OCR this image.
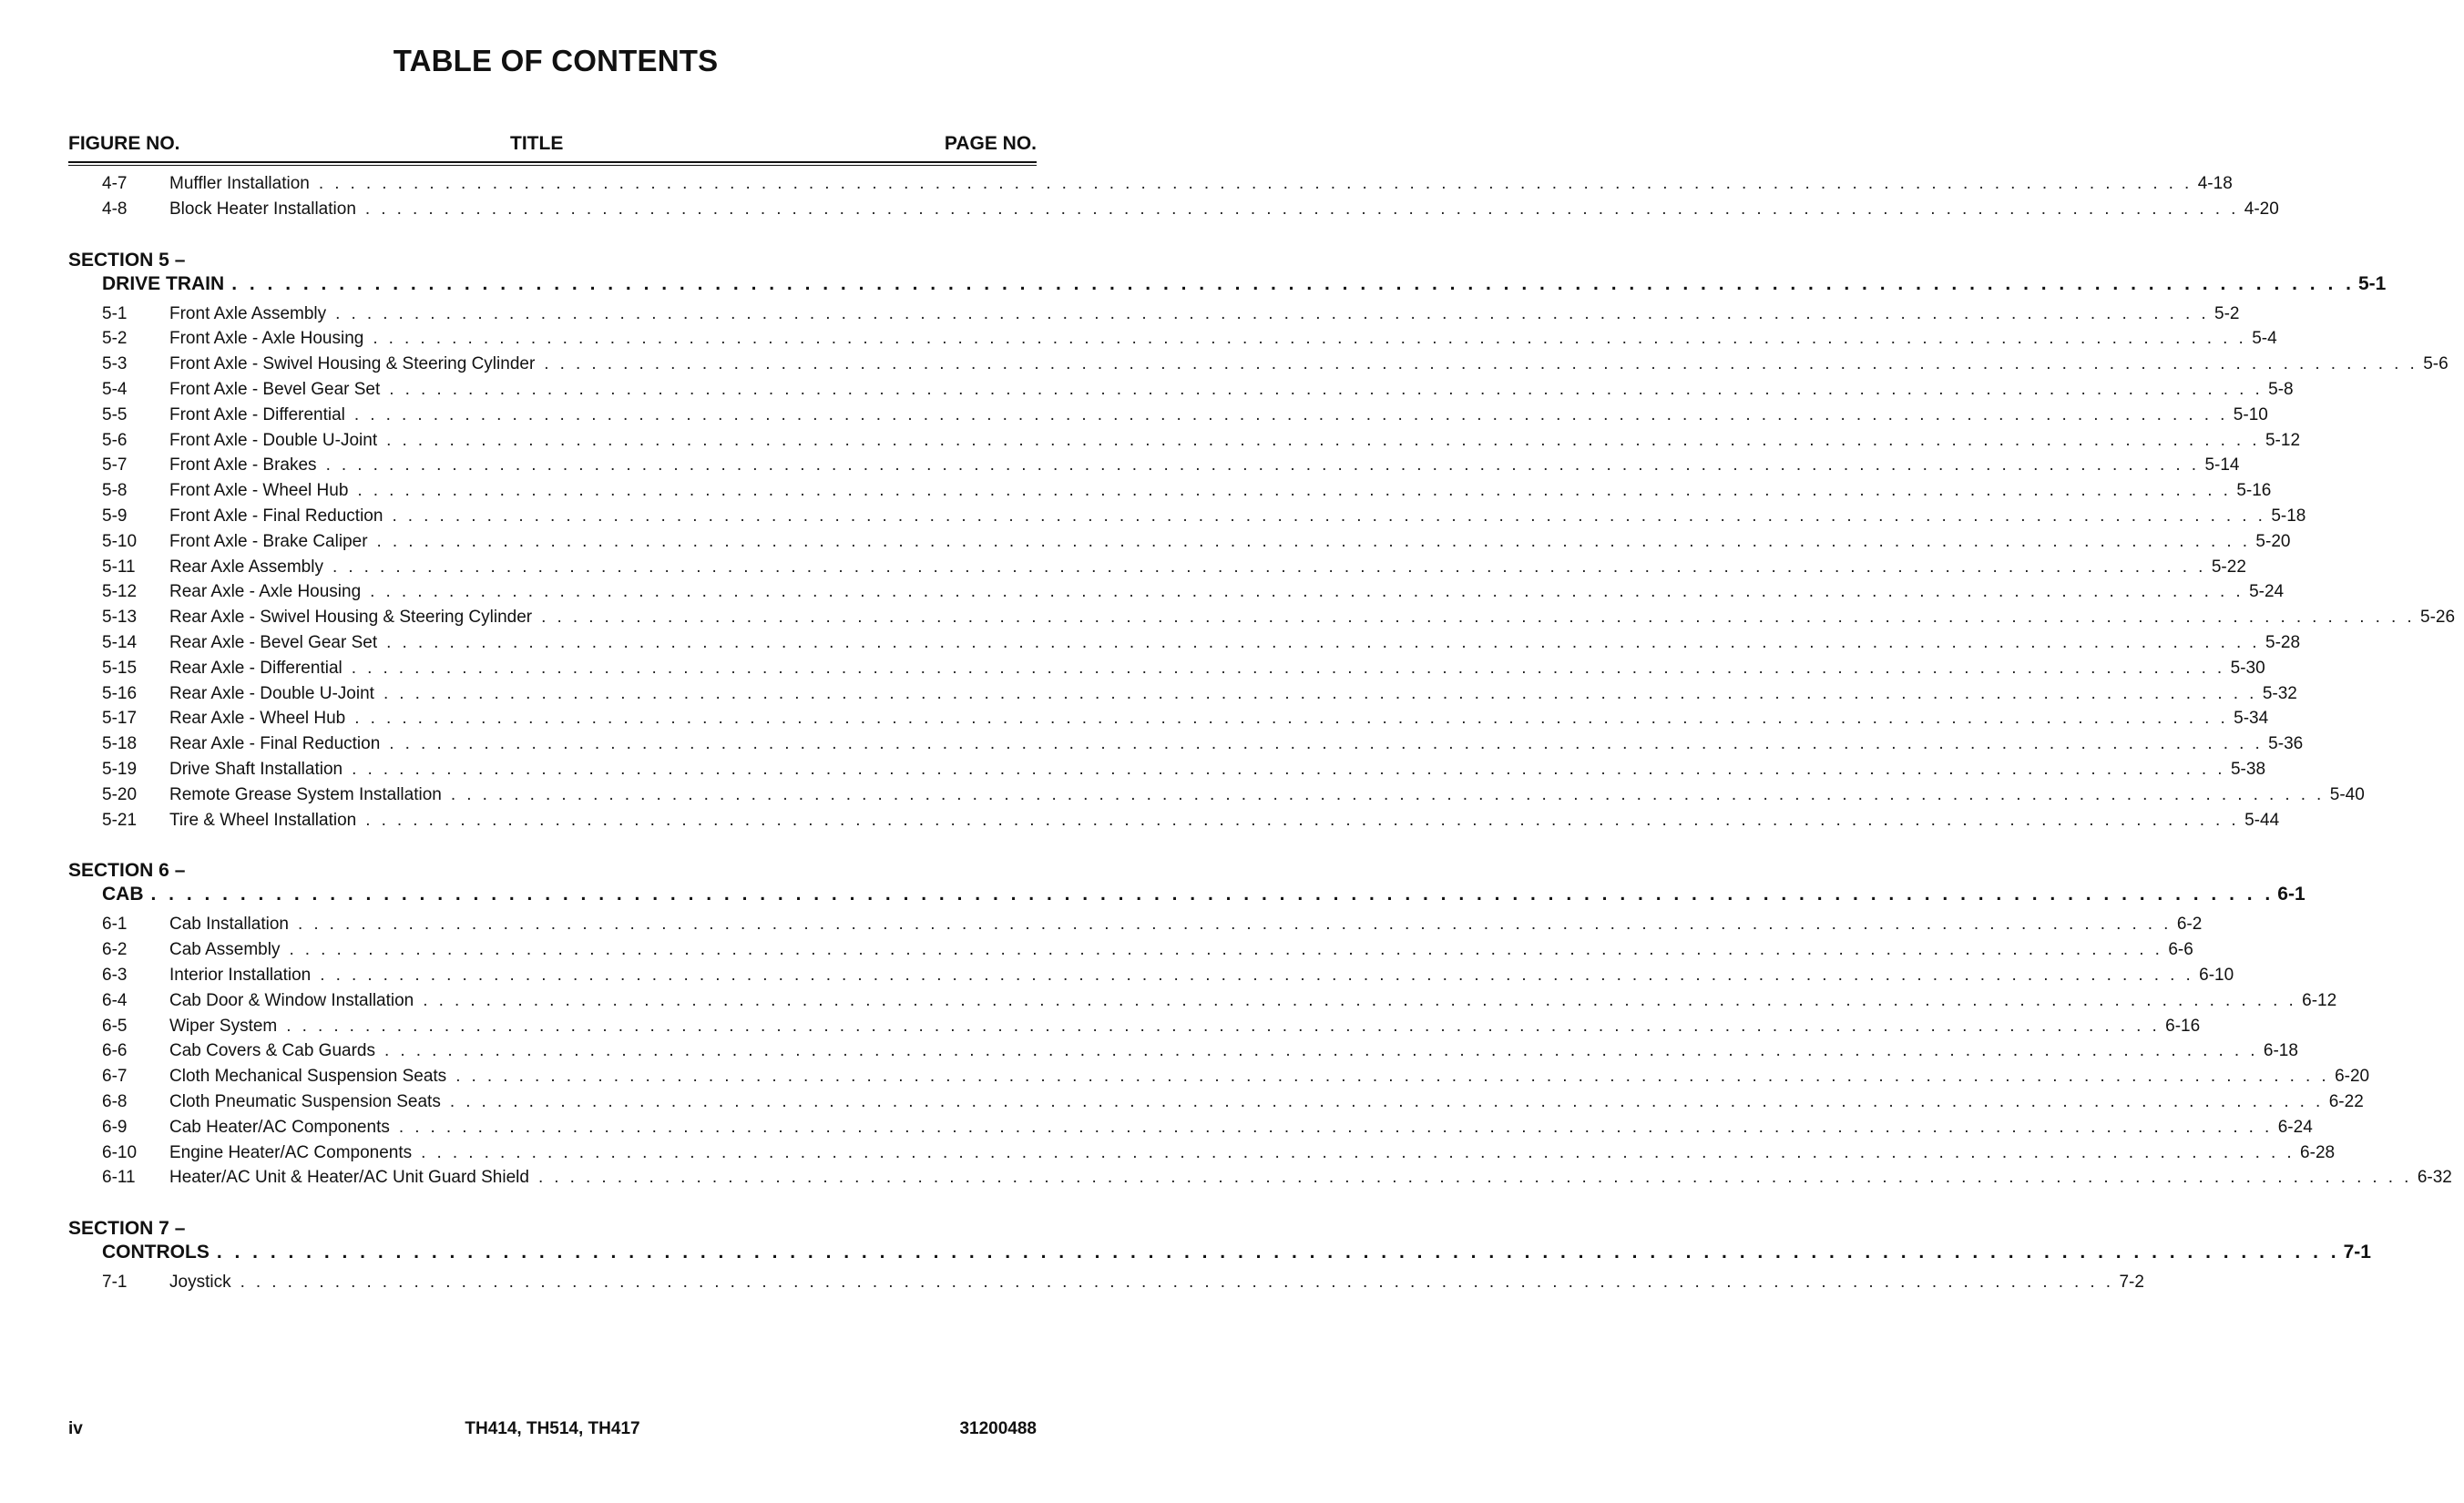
TABLE OF CONTENTS
FIGURE NO.	TITLE	PAGE NO.
4-7	Muffler Installation . . . . . . . . . . . . . . . . . . . . . . . . . . . . . . . . . . . . . . . . . . . . . . . . . . . . . . . . . . . . . . . . . . . . . . . . . . . . . . . . . . . . . . . . . . . . . . . . . . . . . . . . . . . . . . . . . . . . . . . 4-18
4-8	Block Heater Installation . . . . . . . . . . . . . . . . . . . . . . . . . . . . . . . . . . . . . . . . . . . . . . . . . . . . . . . . . . . . . . . . . . . . . . . . . . . . . . . . . . . . . . . . . . . . . . . . . . . . . . . . . . . . . . . . . . . . . . . 4-20
SECTION 5 –
DRIVE TRAIN . . . . . . . . . . . . . . . . . . . . . . . . . . . . . . . . . . . . . . . . . . . . . . . . . . . . . . . . . . . . . . . . . . . . . . . . . . . . . . . . . . . . . . . . . . . . . . . . . . . . . . . . . . . . . . . . . . . . . . . 5-1
5-1	Front Axle Assembly . . . . . . . . . . . . . . . . . . . . . . . . . . . . . . . . . . . . . . . . . . . . . . . . . . . . . . . . . . . . . . . . . . . . . . . . . . . . . . . . . . . . . . . . . . . . . . . . . . . . . . . . . . . . . . . . . . . . . . . 5-2
5-2	Front Axle - Axle Housing . . . . . . . . . . . . . . . . . . . . . . . . . . . . . . . . . . . . . . . . . . . . . . . . . . . . . . . . . . . . . . . . . . . . . . . . . . . . . . . . . . . . . . . . . . . . . . . . . . . . . . . . . . . . . . . . . . . . . . . 5-4
5-3	Front Axle - Swivel Housing & Steering Cylinder . . . . . . . . . . . . . . . . . . . . . . . . . . . . . . . . . . . . . . . . . . . . . . . . . . . . . . . . . . . . . . . . . . . . . . . . . . . . . . . . . . . . . . . . . . . . . . . . . . . . . . . . . . . . . . . . . . . . . . . 5-6
5-4	Front Axle - Bevel Gear Set . . . . . . . . . . . . . . . . . . . . . . . . . . . . . . . . . . . . . . . . . . . . . . . . . . . . . . . . . . . . . . . . . . . . . . . . . . . . . . . . . . . . . . . . . . . . . . . . . . . . . . . . . . . . . . . . . . . . . . . 5-8
5-5	Front Axle - Differential . . . . . . . . . . . . . . . . . . . . . . . . . . . . . . . . . . . . . . . . . . . . . . . . . . . . . . . . . . . . . . . . . . . . . . . . . . . . . . . . . . . . . . . . . . . . . . . . . . . . . . . . . . . . . . . . . . . . . . . 5-10
5-6	Front Axle - Double U-Joint . . . . . . . . . . . . . . . . . . . . . . . . . . . . . . . . . . . . . . . . . . . . . . . . . . . . . . . . . . . . . . . . . . . . . . . . . . . . . . . . . . . . . . . . . . . . . . . . . . . . . . . . . . . . . . . . . . . . . . . 5-12
5-7	Front Axle - Brakes . . . . . . . . . . . . . . . . . . . . . . . . . . . . . . . . . . . . . . . . . . . . . . . . . . . . . . . . . . . . . . . . . . . . . . . . . . . . . . . . . . . . . . . . . . . . . . . . . . . . . . . . . . . . . . . . . . . . . . . 5-14
5-8	Front Axle - Wheel Hub . . . . . . . . . . . . . . . . . . . . . . . . . . . . . . . . . . . . . . . . . . . . . . . . . . . . . . . . . . . . . . . . . . . . . . . . . . . . . . . . . . . . . . . . . . . . . . . . . . . . . . . . . . . . . . . . . . . . . . . 5-16
5-9	Front Axle - Final Reduction . . . . . . . . . . . . . . . . . . . . . . . . . . . . . . . . . . . . . . . . . . . . . . . . . . . . . . . . . . . . . . . . . . . . . . . . . . . . . . . . . . . . . . . . . . . . . . . . . . . . . . . . . . . . . . . . . . . . . . . 5-18
5-10	Front Axle - Brake Caliper . . . . . . . . . . . . . . . . . . . . . . . . . . . . . . . . . . . . . . . . . . . . . . . . . . . . . . . . . . . . . . . . . . . . . . . . . . . . . . . . . . . . . . . . . . . . . . . . . . . . . . . . . . . . . . . . . . . . . . . 5-20
5-11	Rear Axle Assembly . . . . . . . . . . . . . . . . . . . . . . . . . . . . . . . . . . . . . . . . . . . . . . . . . . . . . . . . . . . . . . . . . . . . . . . . . . . . . . . . . . . . . . . . . . . . . . . . . . . . . . . . . . . . . . . . . . . . . . . 5-22
5-12	Rear Axle - Axle Housing . . . . . . . . . . . . . . . . . . . . . . . . . . . . . . . . . . . . . . . . . . . . . . . . . . . . . . . . . . . . . . . . . . . . . . . . . . . . . . . . . . . . . . . . . . . . . . . . . . . . . . . . . . . . . . . . . . . . . . . 5-24
5-13	Rear Axle - Swivel Housing & Steering Cylinder . . . . . . . . . . . . . . . . . . . . . . . . . . . . . . . . . . . . . . . . . . . . . . . . . . . . . . . . . . . . . . . . . . . . . . . . . . . . . . . . . . . . . . . . . . . . . . . . . . . . . . . . . . . . . . . . . . . . . . . 5-26
5-14	Rear Axle - Bevel Gear Set . . . . . . . . . . . . . . . . . . . . . . . . . . . . . . . . . . . . . . . . . . . . . . . . . . . . . . . . . . . . . . . . . . . . . . . . . . . . . . . . . . . . . . . . . . . . . . . . . . . . . . . . . . . . . . . . . . . . . . . 5-28
5-15	Rear Axle - Differential . . . . . . . . . . . . . . . . . . . . . . . . . . . . . . . . . . . . . . . . . . . . . . . . . . . . . . . . . . . . . . . . . . . . . . . . . . . . . . . . . . . . . . . . . . . . . . . . . . . . . . . . . . . . . . . . . . . . . . . 5-30
5-16	Rear Axle - Double U-Joint . . . . . . . . . . . . . . . . . . . . . . . . . . . . . . . . . . . . . . . . . . . . . . . . . . . . . . . . . . . . . . . . . . . . . . . . . . . . . . . . . . . . . . . . . . . . . . . . . . . . . . . . . . . . . . . . . . . . . . . 5-32
5-17	Rear Axle - Wheel Hub . . . . . . . . . . . . . . . . . . . . . . . . . . . . . . . . . . . . . . . . . . . . . . . . . . . . . . . . . . . . . . . . . . . . . . . . . . . . . . . . . . . . . . . . . . . . . . . . . . . . . . . . . . . . . . . . . . . . . . . 5-34
5-18	Rear Axle - Final Reduction . . . . . . . . . . . . . . . . . . . . . . . . . . . . . . . . . . . . . . . . . . . . . . . . . . . . . . . . . . . . . . . . . . . . . . . . . . . . . . . . . . . . . . . . . . . . . . . . . . . . . . . . . . . . . . . . . . . . . . . 5-36
5-19	Drive Shaft Installation . . . . . . . . . . . . . . . . . . . . . . . . . . . . . . . . . . . . . . . . . . . . . . . . . . . . . . . . . . . . . . . . . . . . . . . . . . . . . . . . . . . . . . . . . . . . . . . . . . . . . . . . . . . . . . . . . . . . . . . 5-38
5-20	Remote Grease System Installation . . . . . . . . . . . . . . . . . . . . . . . . . . . . . . . . . . . . . . . . . . . . . . . . . . . . . . . . . . . . . . . . . . . . . . . . . . . . . . . . . . . . . . . . . . . . . . . . . . . . . . . . . . . . . . . . . . . . . . . 5-40
5-21	Tire & Wheel Installation . . . . . . . . . . . . . . . . . . . . . . . . . . . . . . . . . . . . . . . . . . . . . . . . . . . . . . . . . . . . . . . . . . . . . . . . . . . . . . . . . . . . . . . . . . . . . . . . . . . . . . . . . . . . . . . . . . . . . . . 5-44
SECTION 6 –
CAB . . . . . . . . . . . . . . . . . . . . . . . . . . . . . . . . . . . . . . . . . . . . . . . . . . . . . . . . . . . . . . . . . . . . . . . . . . . . . . . . . . . . . . . . . . . . . . . . . . . . . . . . . . . . . . . . . . . . . . . 6-1
6-1	Cab Installation . . . . . . . . . . . . . . . . . . . . . . . . . . . . . . . . . . . . . . . . . . . . . . . . . . . . . . . . . . . . . . . . . . . . . . . . . . . . . . . . . . . . . . . . . . . . . . . . . . . . . . . . . . . . . . . . . . . . . . . 6-2
6-2	Cab Assembly . . . . . . . . . . . . . . . . . . . . . . . . . . . . . . . . . . . . . . . . . . . . . . . . . . . . . . . . . . . . . . . . . . . . . . . . . . . . . . . . . . . . . . . . . . . . . . . . . . . . . . . . . . . . . . . . . . . . . . . 6-6
6-3	Interior Installation . . . . . . . . . . . . . . . . . . . . . . . . . . . . . . . . . . . . . . . . . . . . . . . . . . . . . . . . . . . . . . . . . . . . . . . . . . . . . . . . . . . . . . . . . . . . . . . . . . . . . . . . . . . . . . . . . . . . . . . 6-10
6-4	Cab Door & Window Installation . . . . . . . . . . . . . . . . . . . . . . . . . . . . . . . . . . . . . . . . . . . . . . . . . . . . . . . . . . . . . . . . . . . . . . . . . . . . . . . . . . . . . . . . . . . . . . . . . . . . . . . . . . . . . . . . . . . . . . . 6-12
6-5	Wiper System . . . . . . . . . . . . . . . . . . . . . . . . . . . . . . . . . . . . . . . . . . . . . . . . . . . . . . . . . . . . . . . . . . . . . . . . . . . . . . . . . . . . . . . . . . . . . . . . . . . . . . . . . . . . . . . . . . . . . . . 6-16
6-6	Cab Covers & Cab Guards . . . . . . . . . . . . . . . . . . . . . . . . . . . . . . . . . . . . . . . . . . . . . . . . . . . . . . . . . . . . . . . . . . . . . . . . . . . . . . . . . . . . . . . . . . . . . . . . . . . . . . . . . . . . . . . . . . . . . . . 6-18
6-7	Cloth Mechanical Suspension Seats . . . . . . . . . . . . . . . . . . . . . . . . . . . . . . . . . . . . . . . . . . . . . . . . . . . . . . . . . . . . . . . . . . . . . . . . . . . . . . . . . . . . . . . . . . . . . . . . . . . . . . . . . . . . . . . . . . . . . . . 6-20
6-8	Cloth Pneumatic Suspension Seats . . . . . . . . . . . . . . . . . . . . . . . . . . . . . . . . . . . . . . . . . . . . . . . . . . . . . . . . . . . . . . . . . . . . . . . . . . . . . . . . . . . . . . . . . . . . . . . . . . . . . . . . . . . . . . . . . . . . . . . 6-22
6-9	Cab Heater/AC Components . . . . . . . . . . . . . . . . . . . . . . . . . . . . . . . . . . . . . . . . . . . . . . . . . . . . . . . . . . . . . . . . . . . . . . . . . . . . . . . . . . . . . . . . . . . . . . . . . . . . . . . . . . . . . . . . . . . . . . . 6-24
6-10	Engine Heater/AC Components . . . . . . . . . . . . . . . . . . . . . . . . . . . . . . . . . . . . . . . . . . . . . . . . . . . . . . . . . . . . . . . . . . . . . . . . . . . . . . . . . . . . . . . . . . . . . . . . . . . . . . . . . . . . . . . . . . . . . . . 6-28
6-11	Heater/AC Unit & Heater/AC Unit Guard Shield . . . . . . . . . . . . . . . . . . . . . . . . . . . . . . . . . . . . . . . . . . . . . . . . . . . . . . . . . . . . . . . . . . . . . . . . . . . . . . . . . . . . . . . . . . . . . . . . . . . . . . . . . . . . . . . . . . . . . . . 6-32
SECTION 7 –
CONTROLS . . . . . . . . . . . . . . . . . . . . . . . . . . . . . . . . . . . . . . . . . . . . . . . . . . . . . . . . . . . . . . . . . . . . . . . . . . . . . . . . . . . . . . . . . . . . . . . . . . . . . . . . . . . . . . . . . . . . . . . 7-1
7-1	Joystick . . . . . . . . . . . . . . . . . . . . . . . . . . . . . . . . . . . . . . . . . . . . . . . . . . . . . . . . . . . . . . . . . . . . . . . . . . . . . . . . . . . . . . . . . . . . . . . . . . . . . . . . . . . . . . . . . . . . . . . 7-2
iv	TH414, TH514, TH417	31200488
